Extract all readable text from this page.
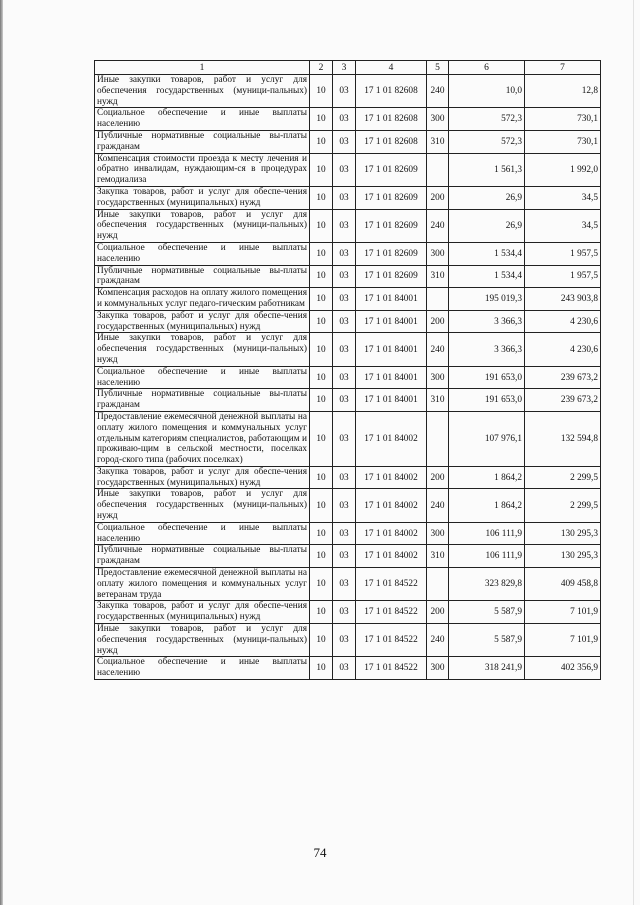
1	2	3	4	5	6	7
Иные закупки товаров, работ и услуг для обеспечения государственных (муници-пальных) нужд	10	03	17 1 01 82608	240	10,0	12,8
Социальное обеспечение и иные выплаты населению	10	03	17 1 01 82608	300	572,3	730,1
Публичные нормативные социальные вы-платы гражданам	10	03	17 1 01 82608	310	572,3	730,1
Компенсация стоимости проезда к месту лечения и обратно инвалидам, нуждающим-ся в процедурах гемодиализа	10	03	17 1 01 82609		1 561,3	1 992,0
Закупка товаров, работ и услуг для обеспе-чения государственных (муниципальных) нужд	10	03	17 1 01 82609	200	26,9	34,5
Иные закупки товаров, работ и услуг для обеспечения государственных (муници-пальных) нужд	10	03	17 1 01 82609	240	26,9	34,5
Социальное обеспечение и иные выплаты населению	10	03	17 1 01 82609	300	1 534,4	1 957,5
Публичные нормативные социальные вы-платы гражданам	10	03	17 1 01 82609	310	1 534,4	1 957,5
Компенсация расходов на оплату жилого помещения и коммунальных услуг педаго-гическим работникам	10	03	17 1 01 84001		195 019,3	243 903,8
Закупка товаров, работ и услуг для обеспе-чения государственных (муниципальных) нужд	10	03	17 1 01 84001	200	3 366,3	4 230,6
Иные закупки товаров, работ и услуг для обеспечения государственных (муници-пальных) нужд	10	03	17 1 01 84001	240	3 366,3	4 230,6
Социальное обеспечение и иные выплаты населению	10	03	17 1 01 84001	300	191 653,0	239 673,2
Публичные нормативные социальные вы-платы гражданам	10	03	17 1 01 84001	310	191 653,0	239 673,2
Предоставление ежемесячной денежной выплаты на оплату жилого помещения и коммунальных услуг отдельным категориям специалистов, работающим и проживаю-щим в сельской местности, поселках город-ского типа (рабочих поселках)	10	03	17 1 01 84002		107 976,1	132 594,8
Закупка товаров, работ и услуг для обеспе-чения государственных (муниципальных) нужд	10	03	17 1 01 84002	200	1 864,2	2 299,5
Иные закупки товаров, работ и услуг для обеспечения государственных (муници-пальных) нужд	10	03	17 1 01 84002	240	1 864,2	2 299,5
Социальное обеспечение и иные выплаты населению	10	03	17 1 01 84002	300	106 111,9	130 295,3
Публичные нормативные социальные вы-платы гражданам	10	03	17 1 01 84002	310	106 111,9	130 295,3
Предоставление ежемесячной денежной выплаты на оплату жилого помещения и коммунальных услуг ветеранам труда	10	03	17 1 01 84522		323 829,8	409 458,8
Закупка товаров, работ и услуг для обеспе-чения государственных (муниципальных) нужд	10	03	17 1 01 84522	200	5 587,9	7 101,9
Иные закупки товаров, работ и услуг для обеспечения государственных (муници-пальных) нужд	10	03	17 1 01 84522	240	5 587,9	7 101,9
Социальное обеспечение и иные выплаты населению	10	03	17 1 01 84522	300	318 241,9	402 356,9
74
